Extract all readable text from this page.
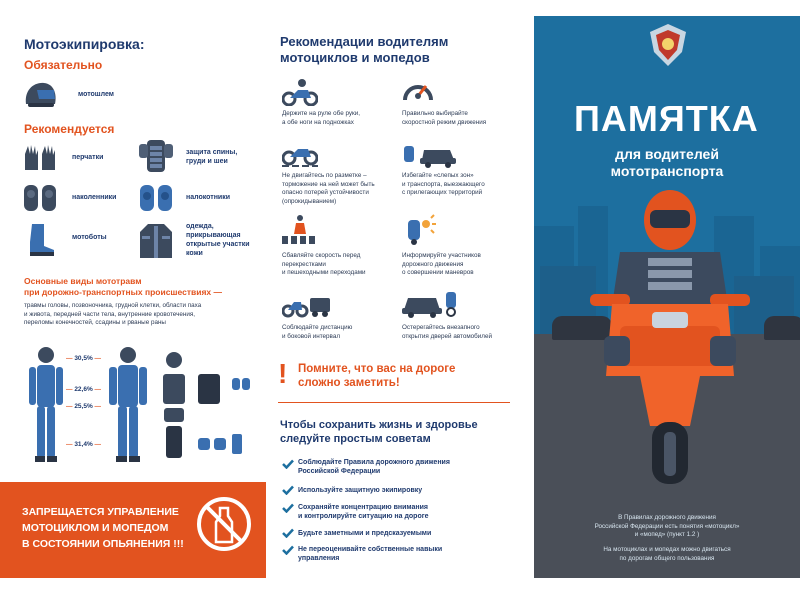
Мотоэкипировка:
Обязательно
мотошлем
Рекомендуется
перчатки
защита спины,
груди и шеи
наколенники	налокотники
мотоботы
одежда,
прикрывающая
открытые участки
кожи
Основные виды мототравм
при дорожно-транспортных происшествиях —
травмы головы, позвоночника, грудной клетки, области паха
и живота, передней части тела, внутренние кровотечения,
переломы конечностей, ссадины и рваные раны
— 30,5% —
— 22,6% —
— 25,5% —
— 31,4% —
ЗАПРЕЩАЕТСЯ УПРАВЛЕНИЕ
МОТОЦИКЛОМ И МОПЕДОМ
В СОСТОЯНИИ ОПЬЯНЕНИЯ !!!
Рекомендации водителям
мотоциклов и мопедов
Держите на руле обе руки,
а обе ноги на подножках
Правильно выбирайте
скоростной режим движения
Не двигайтесь по разметке –
торможение на ней может быть
опасно потерей устойчивости
(опрокидыванием)
Избегайте «слепых зон»
и транспорта, выезжающего
с прилегающих территорий
Сбавляйте скорость перед
перекрестками
и пешеходными переходами
Информируйте участников
дорожного движения
о совершении маневров
Соблюдайте дистанцию
и боковой интервал
Остерегайтесь внезапного
открытия дверей автомобилей
! Помните, что вас на дороге
сложно заметить!
Чтобы сохранить жизнь и здоровье
следуйте простым советам
Соблюдайте Правила дорожного движения
Российской Федерации
Используйте защитную экипировку
Сохраняйте концентрацию внимания
и контролируйте ситуацию на дороге
Будьте заметными и предсказуемыми
Не переоценивайте собственные навыки
управления
ПАМЯТКА
для водителей
мототранспорта
В Правилах дорожного движения
Российской Федерации есть понятия «мотоцикл»
и «мопед» (пункт 1.2 )
На мотоциклах и мопедах можно двигаться
по дорогам общего пользования
